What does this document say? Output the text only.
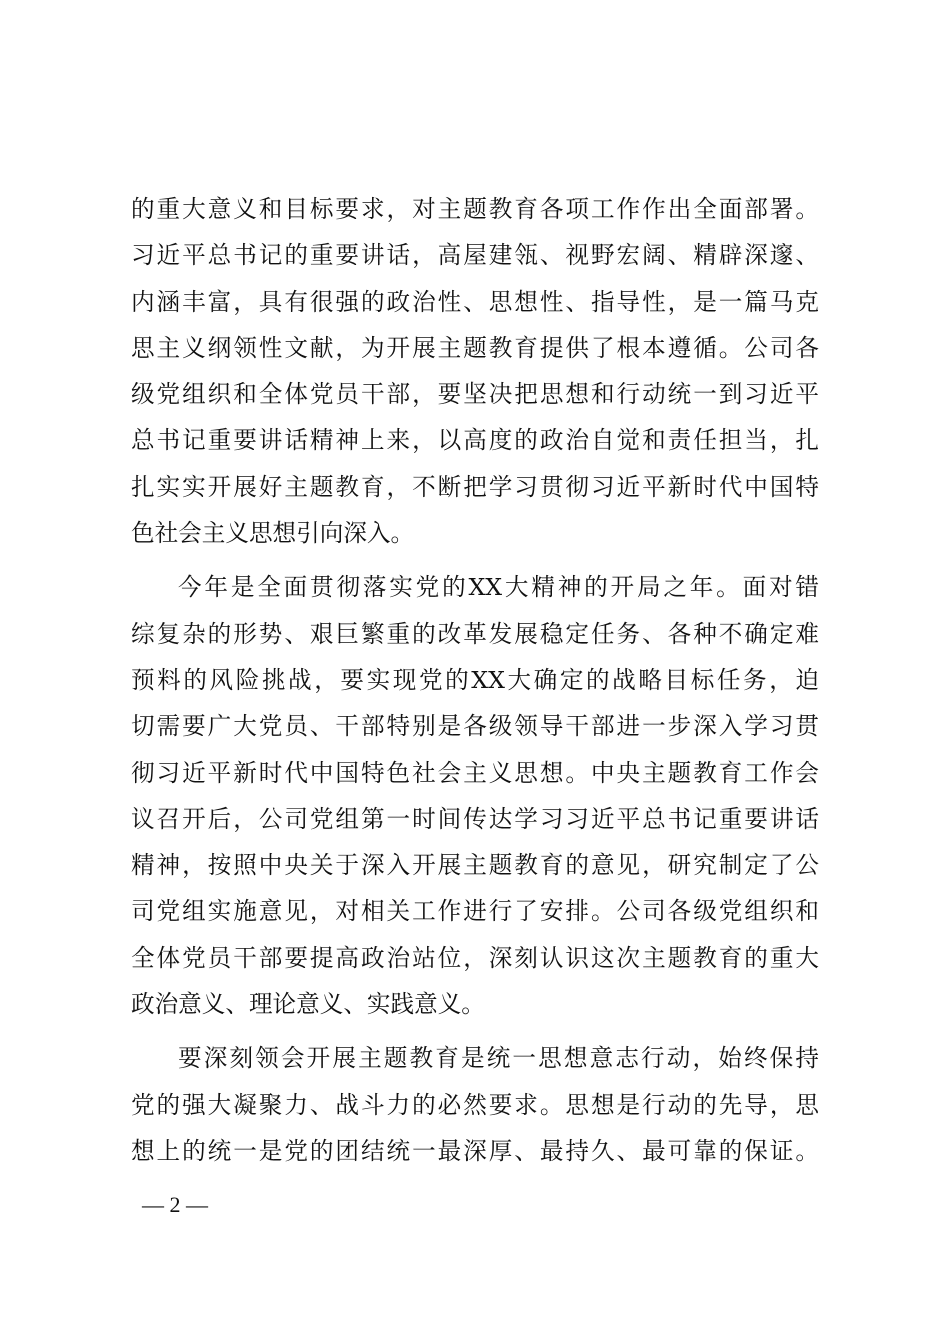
的重大意义和目标要求，对主题教育各项工作作出全面部署。
习近平总书记的重要讲话，高屋建瓴、视野宏阔、精辟深邃、
内涵丰富，具有很强的政治性、思想性、指导性，是一篇马克
思主义纲领性文献，为开展主题教育提供了根本遵循。公司各
级党组织和全体党员干部，要坚决把思想和行动统一到习近平
总书记重要讲话精神上来，以高度的政治自觉和责任担当，扎
扎实实开展好主题教育，不断把学习贯彻习近平新时代中国特
色社会主义思想引向深入。
今年是全面贯彻落实党的XX大精神的开局之年。面对错
综复杂的形势、艰巨繁重的改革发展稳定任务、各种不确定难
预料的风险挑战，要实现党的XX大确定的战略目标任务，迫
切需要广大党员、干部特别是各级领导干部进一步深入学习贯
彻习近平新时代中国特色社会主义思想。中央主题教育工作会
议召开后，公司党组第一时间传达学习习近平总书记重要讲话
精神，按照中央关于深入开展主题教育的意见，研究制定了公
司党组实施意见，对相关工作进行了安排。公司各级党组织和
全体党员干部要提高政治站位，深刻认识这次主题教育的重大
政治意义、理论意义、实践意义。
要深刻领会开展主题教育是统一思想意志行动，始终保持
党的强大凝聚力、战斗力的必然要求。思想是行动的先导，思
想上的统一是党的团结统一最深厚、最持久、最可靠的保证。
— 2 —
